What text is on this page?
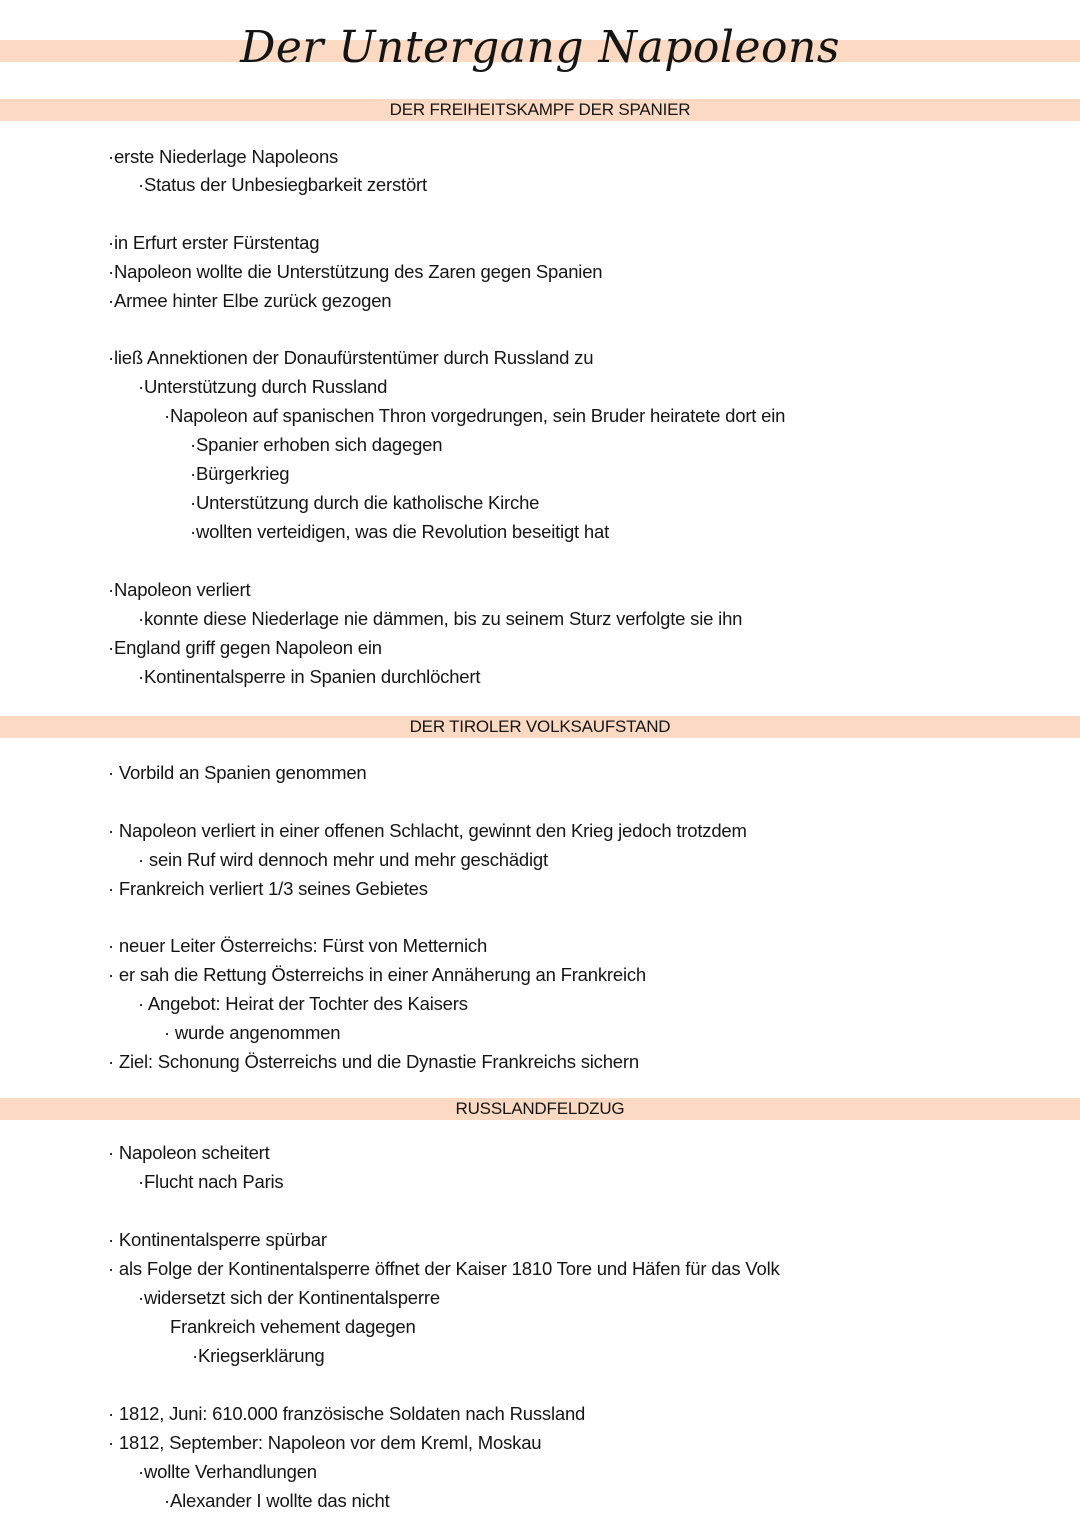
Der Untergang Napoleons
DER FREIHEITSKAMPF DER SPANIER
·erste Niederlage Napoleons
·Status der Unbesiegbarkeit zerstört
·in Erfurt erster Fürstentag
·Napoleon wollte die Unterstützung des Zaren gegen Spanien
·Armee hinter Elbe zurück gezogen
·ließ Annektionen der Donaufürstentümer durch Russland zu
·Unterstützung durch Russland
·Napoleon auf spanischen Thron vorgedrungen, sein Bruder heiratete dort ein
·Spanier erhoben sich dagegen
·Bürgerkrieg
·Unterstützung durch die katholische Kirche
·wollten verteidigen, was die Revolution beseitigt hat
·Napoleon verliert
·konnte diese Niederlage nie dämmen, bis zu seinem Sturz verfolgte sie ihn
·England griff gegen Napoleon ein
·Kontinentalsperre in Spanien durchlöchert
DER TIROLER VOLKSAUFSTAND
· Vorbild an Spanien genommen
· Napoleon verliert in einer offenen Schlacht, gewinnt den Krieg jedoch trotzdem
· sein Ruf wird dennoch mehr und mehr geschädigt
· Frankreich verliert 1/3 seines Gebietes
· neuer Leiter Österreichs: Fürst von Metternich
· er sah die Rettung Österreichs in einer Annäherung an Frankreich
· Angebot: Heirat der Tochter des Kaisers
· wurde angenommen
· Ziel: Schonung Österreichs und die Dynastie Frankreichs sichern
RUSSLANDFELDZUG
· Napoleon scheitert
·Flucht nach Paris
· Kontinentalsperre spürbar
· als Folge der Kontinentalsperre öffnet der Kaiser 1810 Tore und Häfen für das Volk
·widersetzt sich der Kontinentalsperre
Frankreich vehement dagegen
·Kriegserklärung
· 1812, Juni: 610.000 französische Soldaten nach Russland
· 1812, September: Napoleon vor dem Kreml, Moskau
·wollte Verhandlungen
·Alexander I wollte das nicht
